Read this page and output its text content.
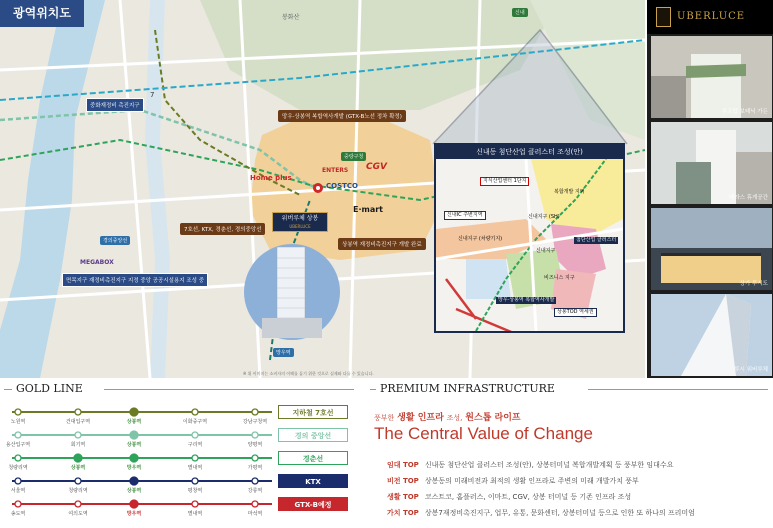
광역위치도	봉화산
신내
중화재정비 촉진지구
망우·상봉역 복합역사개발 (GTX-B노선 정차 확정)
7호선, KTX, 경춘선, 경의중앙선
상봉역 재정비촉진지구 개발 완료
면목지구 재정비촉진지구 지정 중앙 공공시설용지 조성 중
MEGABOX
7
중랑구청
경의중앙선
망우역
Home plus
ENTERS CGV
COSTCO
E·mart
위버루체 상봉
UBERLUCE
신내동 첨단산업 클러스터 조성(안)
지식산업센터 1단지
신내IC 주변지역
복합개발 지역
신내지구 (SH)
신내지구 (차량기지)	첨단산업 클러스터
신내지구
비즈니스 지구
망우·상봉역 복합역사개발
상봉TOD 역세권
※ 위 이미지는 소비자의 이해를 돕기 위한 것으로 실제와 다를 수 있습니다.
UBERLUCE
루프탑 보태닉 가든
테라스 휴게공간
상가 투시도
투시 위버루체
GOLD LINE
노원역	건대입구역	상봉역	이화중구역	강남구청역
지하철 7호선
용산입구역	회기역	상봉역	구리역	양평역
경의 중앙선
청량리역	상봉역	망우역	별내역	가평역
경춘선
서울역	청량리역	상봉역	평창역	강릉역
KTX
송도역	여의도역	망우역	별내역	마석역
GTX-B예정
PREMIUM INFRASTRUCTURE
풍부한 생활 인프라 조성, 원스톱 라이프
The Central Value of Change
임대 TOP 신내동 첨단산업 클러스터 조성(안), 상봉터미널 복합개발계획 등 풍부한 임대수요
비전 TOP 상봉동의 미래비전과 최적의 생활 인프라로 주변의 미래 개발가치 풍부
생활 TOP 코스트코, 홈플러스, 이마트, CGV, 상봉 터미널 등 기존 인프라 조성
가치 TOP 상봉7재정비촉진지구, 업무, 유통, 문화센터, 상봉터미널 등으로 인한 또 하나의 프리미엄
